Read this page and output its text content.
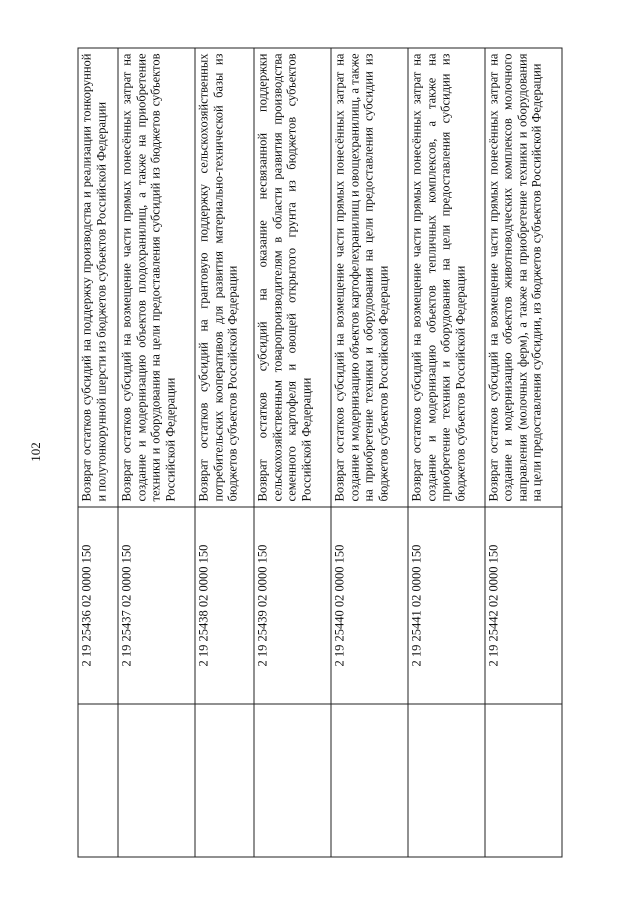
102
	2 19 25436 02 0000 150	Возврат остатков субсидий на поддержку производства и реализации тонкорунной и полутонкорунной шерсти из бюджетов субъектов Российской Федерации
	2 19 25437 02 0000 150	Возврат остатков субсидий на возмещение части прямых понесённых затрат на создание и модернизацию объектов плодохранилищ, а также на приобретение техники и оборудования на цели предоставления субсидий из бюджетов субъектов Российской Федерации
	2 19 25438 02 0000 150	Возврат остатков субсидий на грантовую поддержку сельскохозяйственных потребительских кооперативов для развития материально-технической базы из бюджетов субъектов Российской Федерации
	2 19 25439 02 0000 150	Возврат остатков субсидий на оказание несвязанной поддержки сельскохозяйственным товаропроизводителям в области развития производства семенного картофеля и овощей открытого грунта из бюджетов субъектов Российской Федерации
	2 19 25440 02 0000 150	Возврат остатков субсидий на возмещение части прямых понесённых затрат на создание и модернизацию объектов картофелехранилищ и овощехранилищ, а также на приобретение техники и оборудования на цели предоставления субсидии из бюджетов субъектов Российской Федерации
	2 19 25441 02 0000 150	Возврат остатков субсидий на возмещение части прямых понесённых затрат на создание и модернизацию объектов тепличных комплексов, а также на приобретение техники и оборудования на цели предоставления субсидии из бюджетов субъектов Российской Федерации
	2 19 25442 02 0000 150	Возврат остатков субсидий на возмещение части прямых понесённых затрат на создание и модернизацию объектов животноводческих комплексов молочного направления (молочных ферм), а также на приобретение техники и оборудования на цели предоставления субсидии, из бюджетов субъектов Российской Федерации
